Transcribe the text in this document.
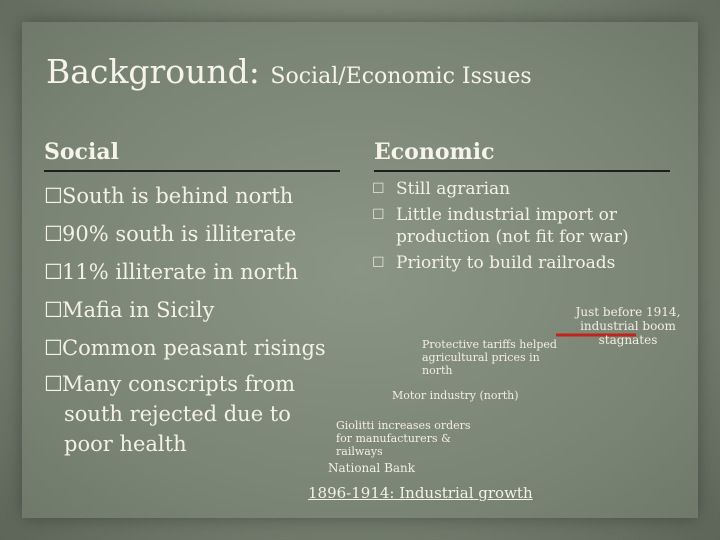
Background: Social/Economic Issues
Social	Economic
☐South is behind north
☐90% south is illiterate
☐11% illiterate in north
☐Mafia in Sicily
☐Common peasant risings
☐Many conscripts from
south rejected due to
poor health
☐ Still agrarian
☐ Little industrial import or production (not fit for war)
☐ Priority to build railroads
Just before 1914, industrial boom stagnates
Protective tariffs helped agricultural prices in north
Motor industry (north)
Giolitti increases orders for manufacturers & railways
National Bank
1896-1914: Industrial growth
